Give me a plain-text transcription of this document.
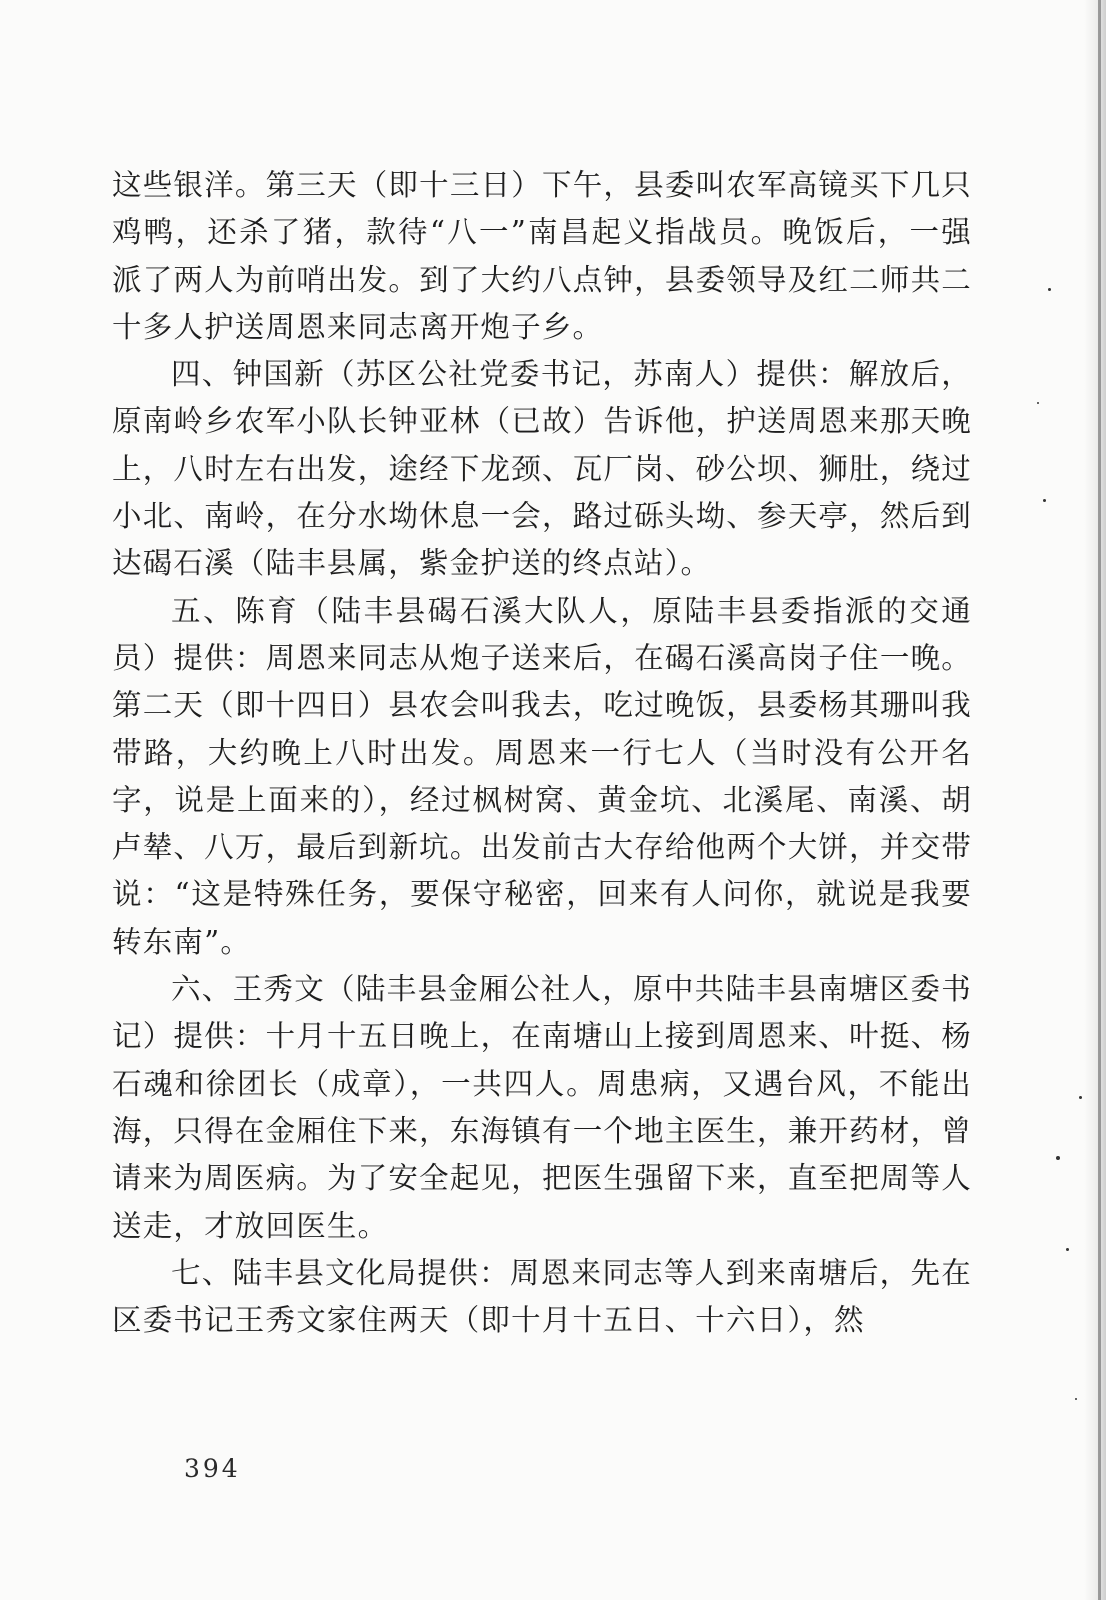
这些银洋。第三天（即十三日）下午，县委叫农军高镜买下几只鸡鸭，还杀了猪，款待“八一”南昌起义指战员。晚饭后，一强派了两人为前哨出发。到了大约八点钟，县委领导及红二师共二十多人护送周恩来同志离开炮子乡。

四、钟国新（苏区公社党委书记，苏南人）提供：解放后，原南岭乡农军小队长钟亚林（已故）告诉他，护送周恩来那天晚上，八时左右出发，途经下龙颈、瓦厂岗、砂公坝、狮肚，绕过小北、南岭，在分水坳休息一会，路过砾头坳、参天亭，然后到达碣石溪（陆丰县属，紫金护送的终点站）。

五、陈育（陆丰县碣石溪大队人，原陆丰县委指派的交通员）提供：周恩来同志从炮子送来后，在碣石溪高岗子住一晚。第二天（即十四日）县农会叫我去，吃过晚饭，县委杨其珊叫我带路，大约晚上八时出发。周恩来一行七人（当时没有公开名字，说是上面来的），经过枫树窝、黄金坑、北溪尾、南溪、胡卢辇、八万，最后到新坑。出发前古大存给他两个大饼，并交带说：“这是特殊任务，要保守秘密，回来有人问你，就说是我要转东南”。

六、王秀文（陆丰县金厢公社人，原中共陆丰县南塘区委书记）提供：十月十五日晚上，在南塘山上接到周恩来、叶挺、杨石魂和徐团长（成章），一共四人。周患病，又遇台风，不能出海，只得在金厢住下来，东海镇有一个地主医生，兼开药材，曾请来为周医病。为了安全起见，把医生强留下来，直至把周等人送走，才放回医生。

七、陆丰县文化局提供：周恩来同志等人到来南塘后，先在区委书记王秀文家住两天（即十月十五日、十六日），然

394
